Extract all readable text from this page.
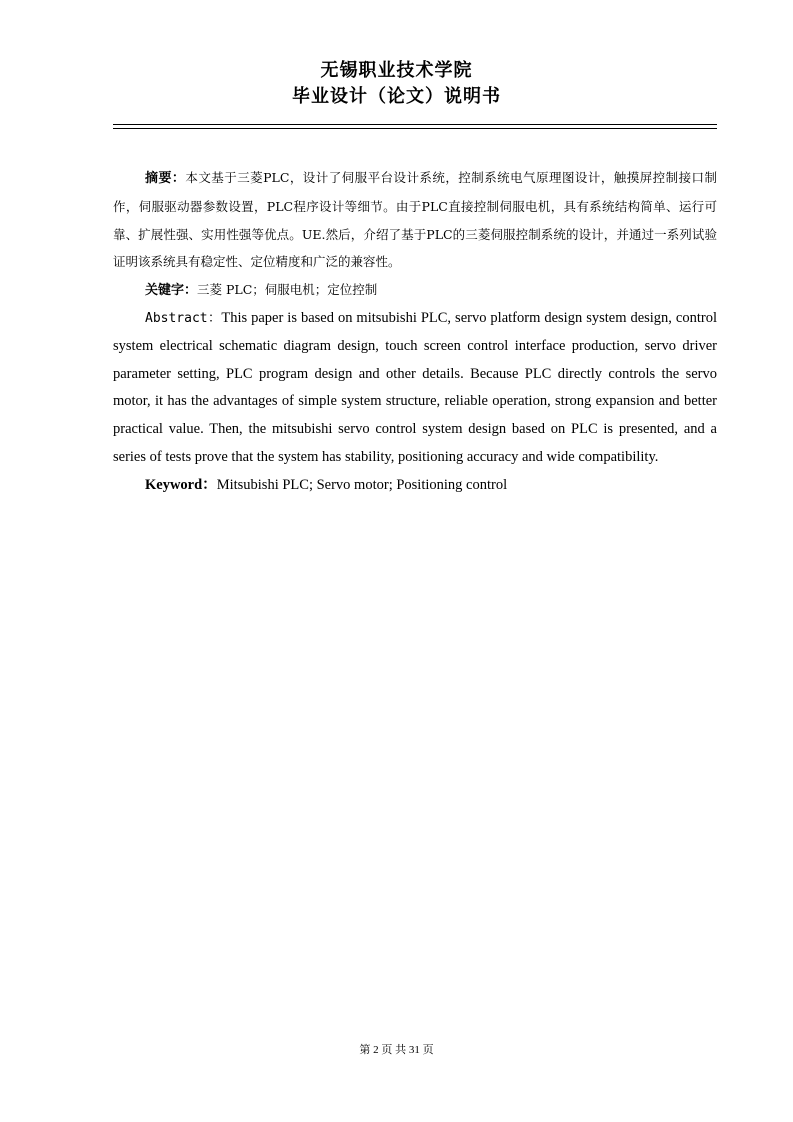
无锡职业技术学院
毕业设计（论文）说明书

摘要：本文基于三菱PLC，设计了伺服平台设计系统，控制系统电气原理图设计，触摸屏控制接口制作，伺服驱动器参数设置，PLC程序设计等细节。由于PLC直接控制伺服电机，具有系统结构简单、运行可靠、扩展性强、实用性强等优点。UE.然后，介绍了基于PLC的三菱伺服控制系统的设计，并通过一系列试验证明该系统具有稳定性、定位精度和广泛的兼容性。

关键字：三菱 PLC；伺服电机；定位控制

Abstract：This paper is based on mitsubishi PLC, servo platform design system design, control system electrical schematic diagram design, touch screen control interface production, servo driver parameter setting, PLC program design and other details. Because PLC directly controls the servo motor, it has the advantages of simple system structure, reliable operation, strong expansion and better practical value. Then, the mitsubishi servo control system design based on PLC is presented, and a series of tests prove that the system has stability, positioning accuracy and wide compatibility.

Keyword：Mitsubishi PLC; Servo motor; Positioning control

第 2 页 共 31 页
